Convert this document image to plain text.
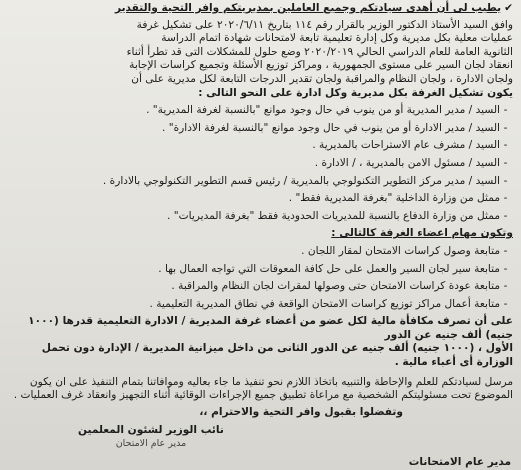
✔يطيب لى أن أهدى سيادتكم وجميع العاملين بمديريتكم وافر التحية والتقدير

وافق السيد الأستاذ الدكتور الوزير بالقرار رقم ١١٤ بتاريخ ٢٠٢٠/٦/١١ على تشكيل غرفة

عمليات معلية بكل مديرية وكل إدارة تعليمية تابعة لامتحانات شهادة اتمام الدراسة

الثانوية العامة للعام الدراسي الحالي ٢٠٢٠/٢٠١٩ وضع حلول للمشكلات التى قد تطرأ أثناء

انعقاد لجان السير على مستوى الجمهورية ، ومراكز توزيع الأسئلة وتجميع كراسات الإجابة

ولجان الادارة ، ولجان النظام والمراقبة ولجان تقدير الدرجات التابعة لكل مديرية على أن

يكون تشكيل الغرفة بكل مديرية وكل ادارة على النحو التالى :

-السيد / مدير المديرية أو من ينوب في حال وجود موانع "بالنسبة لغرفة المديرية" .

-السيد / مدير الادارة أو من ينوب في حال وجود موانع "بالنسبة لغرفة الادارة" .

-السيد / مشرف عام الاستراحات بالمديرية .

-السيد / مسئول الامن بالمديرية ، / الادارة .

-السيد / مدير مركز التطوير التكنولوجي بالمديرية / رئيس قسم التطوير التكنولوجي بالادارة .

-ممثل من وزارة الداخلية "بغرفة المديرية فقط" .

-ممثل من وزارة الدفاع بالنسبة للمديريات الحدودية فقط "بغرفة المديريات" .

وتكون مهام اعضاء الغرفة كالتالى :

-متابعة وصول كراسات الامتحان لمقار اللجان .

-متابعة سير لجان السير والعمل على حل كافة المعوقات التي تواجه العمال بها .

-متابعة عودة كراسات الامتحان حتى وصولها لمقرات لجان النظام والمراقبة .

-متابعة أعمال مراكز توزيع كراسات الامتحان الواقعة في نطاق المديرية التعليمية .

على أن تصرف مكافأة مالية لكل عضو من أعضاء غرفة المديرية / الادارة التعليمية قدرها (١٠٠٠ جنيه) ألف جنيه عن الدور

الأول ، (١٠٠٠ جنيه) ألف جنيه عن الدور الثانى من داخل ميزانية المديرية / الإدارة دون تحمل الوزارة أى أعباء مالية .

مرسل لسيادتكم للعلم والإحاطة والتنبيه باتخاذ اللازم نحو تنفيذ ما جاء بعاليه وموافاتنا بتمام التنفيذ على ان يكون

الموضوع تحت مسئوليتكم الشخصية مع مراعاة تطبيق جميع الإجراءات الوقائية أثناء التجهيز وانعقاد غرف العمليات .

وتفضلوا بقبول وافر التحية والاحترام ،،

نائب الوزير لشئون المعلمين
مدير عام الامتحان
مدير عام الامتحانات
